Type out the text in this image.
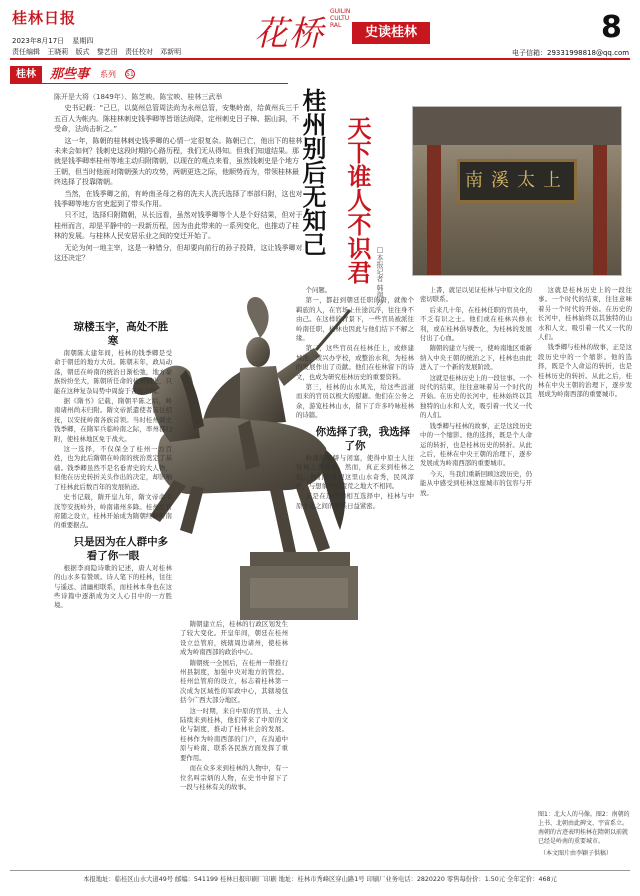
桂林日报
2023年8月17日 星期四
责任编辑 王晓莉 版式 黎艺田 责任校对 邓新明 花桥
GUILIN CULTURAL	史读桂林	8
电子信箱：29331998818@qq.com
桂林	那些事 系列 51

陈开是大将（1849年）、陈芝映、陈宝映、桂林三武举

史书记载：“己巳，以莫州总管周法尚为永州总管，安集岭南，给黄州兵三千五百人为帐内。陈桂林刺史钱季卿等皆诣法尚降，定州刺史吕子樟、据山洞，不受命，法尚击斩之。”

这一年，陈朝的桂林刺史钱季卿的心情一定很复杂。陈朝已亡，他出下的桂林未来会如何？钱刺史这段时期的心路历程，我们无从得知。但我们知道结果。那就是钱季卿率桂州等地主动归附隋朝，以现在的观点来看，虽然钱刺史是个地方王朝，但当时他面对隋朝强大的攻势，两朝更迭之际，他顺势而为，带领桂林最终选择了投靠隋朝。

当然，在钱季卿之前，有岭南圣母之称的冼夫人冼氏选择了率部归附，这也对钱季卿等地方官吏起到了带头作用。

只不过，选择归附隋朝，从长远看，虽然对钱季卿等个人是个好结果，但对于桂州而言，却是平静中的一段新历程，因为由此带来的一系列变化，也推动了桂林的发展。与桂林人民安居乐业之间的变迁开始了。

无论为何一地主宰，这是一种错分，但却要向前行的孙子投降，这让钱季卿对这还决定？

桂州别后无知己 天下谁人不识君 □本报记者 韩润沙
南溪太上

琼楼玉宇，高处不胜寒

南朝陈太建年间，桂林的钱季卿是受命于朝廷的地方大员。陈朝末年，政局动荡，朝廷在岭南的统治日渐松弛，地方豪族纷纷坐大，陈朝所任命的桂州刺史，只能在这种复杂局势中周旋于各方之间。

据《隋书》记载，隋朝平陈之后，岭南诸州尚未归附。隋文帝派遣使者前往招抚，以安抚岭南各族首领。当时桂州刺史钱季卿，在隋军兵临岭南之际，率州郡归附，使桂林地区免于战火。

这一选择，不仅保全了桂州一方百姓，也为此后隋朝在岭南的统治奠定了基础。钱季卿虽然不是名垂青史的大人物，但他在历史转折关头作出的决定，却影响了桂林此后数百年的发展轨迹。

史书记载，隋开皇九年，隋文帝命韦洸等安抚岭外，岭南诸州多降。桂州总管府随之设立，桂林开始成为隋朝经略岭南的重要据点。

只是因为在人群中多看了你一眼

根据李商隐诗歌的记述，唐人对桂林的山水多有赞颂。诗人笔下的桂林，往往与遥远、清幽相联系，而桂林本身也在这些诗篇中逐渐成为文人心目中的一方胜境。

隋朝建立后，桂林的行政区划发生了较大变化。开皇年间，朝廷在桂州设立总管府，统辖周边诸州，使桂林成为岭南西部的政治中心。

隋朝统一全国后，在桂州一带推行州县制度，加强中央对地方的管控。桂州总管府的设立，标志着桂林第一次成为区域性的军政中心，其辖境包括今广西大部分地区。

这一时期，来自中原的官员、士人陆续来到桂林，他们带来了中原的文化与制度，推动了桂林社会的发展。桂林作为岭南西部的门户，在沟通中原与岭南、联系各民族方面发挥了重要作用。

而在众多来到桂林的人物中，有一位名叫宗炳的人物，在史书中留下了一段与桂林有关的故事。

个问题。

第一，都赶到朝廷任职的唐，就像个羁旅的人，在官场上仕途沉浮，往往身不由己。在这样的背景下，一些官员被派往岭南任职，桂林也因此与他们结下不解之缘。

第二，这些官员在桂林任上，或修建城池，或兴办学校，或整治水利，为桂林的发展作出了贡献。他们在桂林留下的诗文，也成为研究桂林历史的重要资料。

第三，桂林的山水风光，给这些远道而来的官员以极大的慰藉。他们在公务之余，游览桂林山水，留下了许多吟咏桂林的诗篇。

你选择了我，我选择了你

岭南的偏僻与闭塞，使得中原士人往往视之为畏途。然而，真正来到桂林之后，他们却发现这里山水奇秀，民风淳朴，与想象中的蛮荒之地大不相同。

正是在这样的相互选择中，桂林与中原文化之间的联系日益紧密。

上書，就足以见证桂林与中原文化的密切联系。

后来几十年，在桂林任职的官员中，不乏有识之士。他们或在桂林兴修水利，或在桂林倡导教化，为桂林的发展付出了心血。

隋朝的建立与统一，使岭南地区重新纳入中央王朝的统治之下，桂林也由此进入了一个新的发展阶段。

这就是桂林历史上的一段往事。一个时代的结束，往往意味着另一个时代的开始。在历史的长河中，桂林始终以其独特的山水和人文，吸引着一代又一代的人们。

钱季卿与桂林的故事，正是这段历史中的一个缩影。他的选择，既是个人命运的转折，也是桂林历史的转折。从此之后，桂林在中央王朝的治理下，逐步发展成为岭南西部的重要城市。

今天，当我们重新回顾这段历史，仍能从中感受到桂林这座城市的包容与开放。

这就是桂林历史上的一段往事。一个时代的结束，往往意味着另一个时代的开始。在历史的长河中，桂林始终以其独特的山水和人文，吸引着一代又一代的人们。

钱季卿与桂林的故事，正是这段历史中的一个缩影。他的选择，既是个人命运的转折，也是桂林历史的转折。从此之后，桂林在中央王朝的治理下，逐步发展成为岭南西部的重要城市。

图1：北大人的马像。图2：南朝的上书、北朝由此碑文、宇宙系立。南朝的古迹表明桂林在隋朝以前就已经是岭南的重要城市。
（本文图片由李颖子供稿）
本报地址：临桂区山水大道49号 邮编：541199 桂林日报印刷厂印刷 地址：桂林市秀峰区穿山路1号 印刷厂业务电话：2820220 零售每份价：1.50元 全年定价：468元
